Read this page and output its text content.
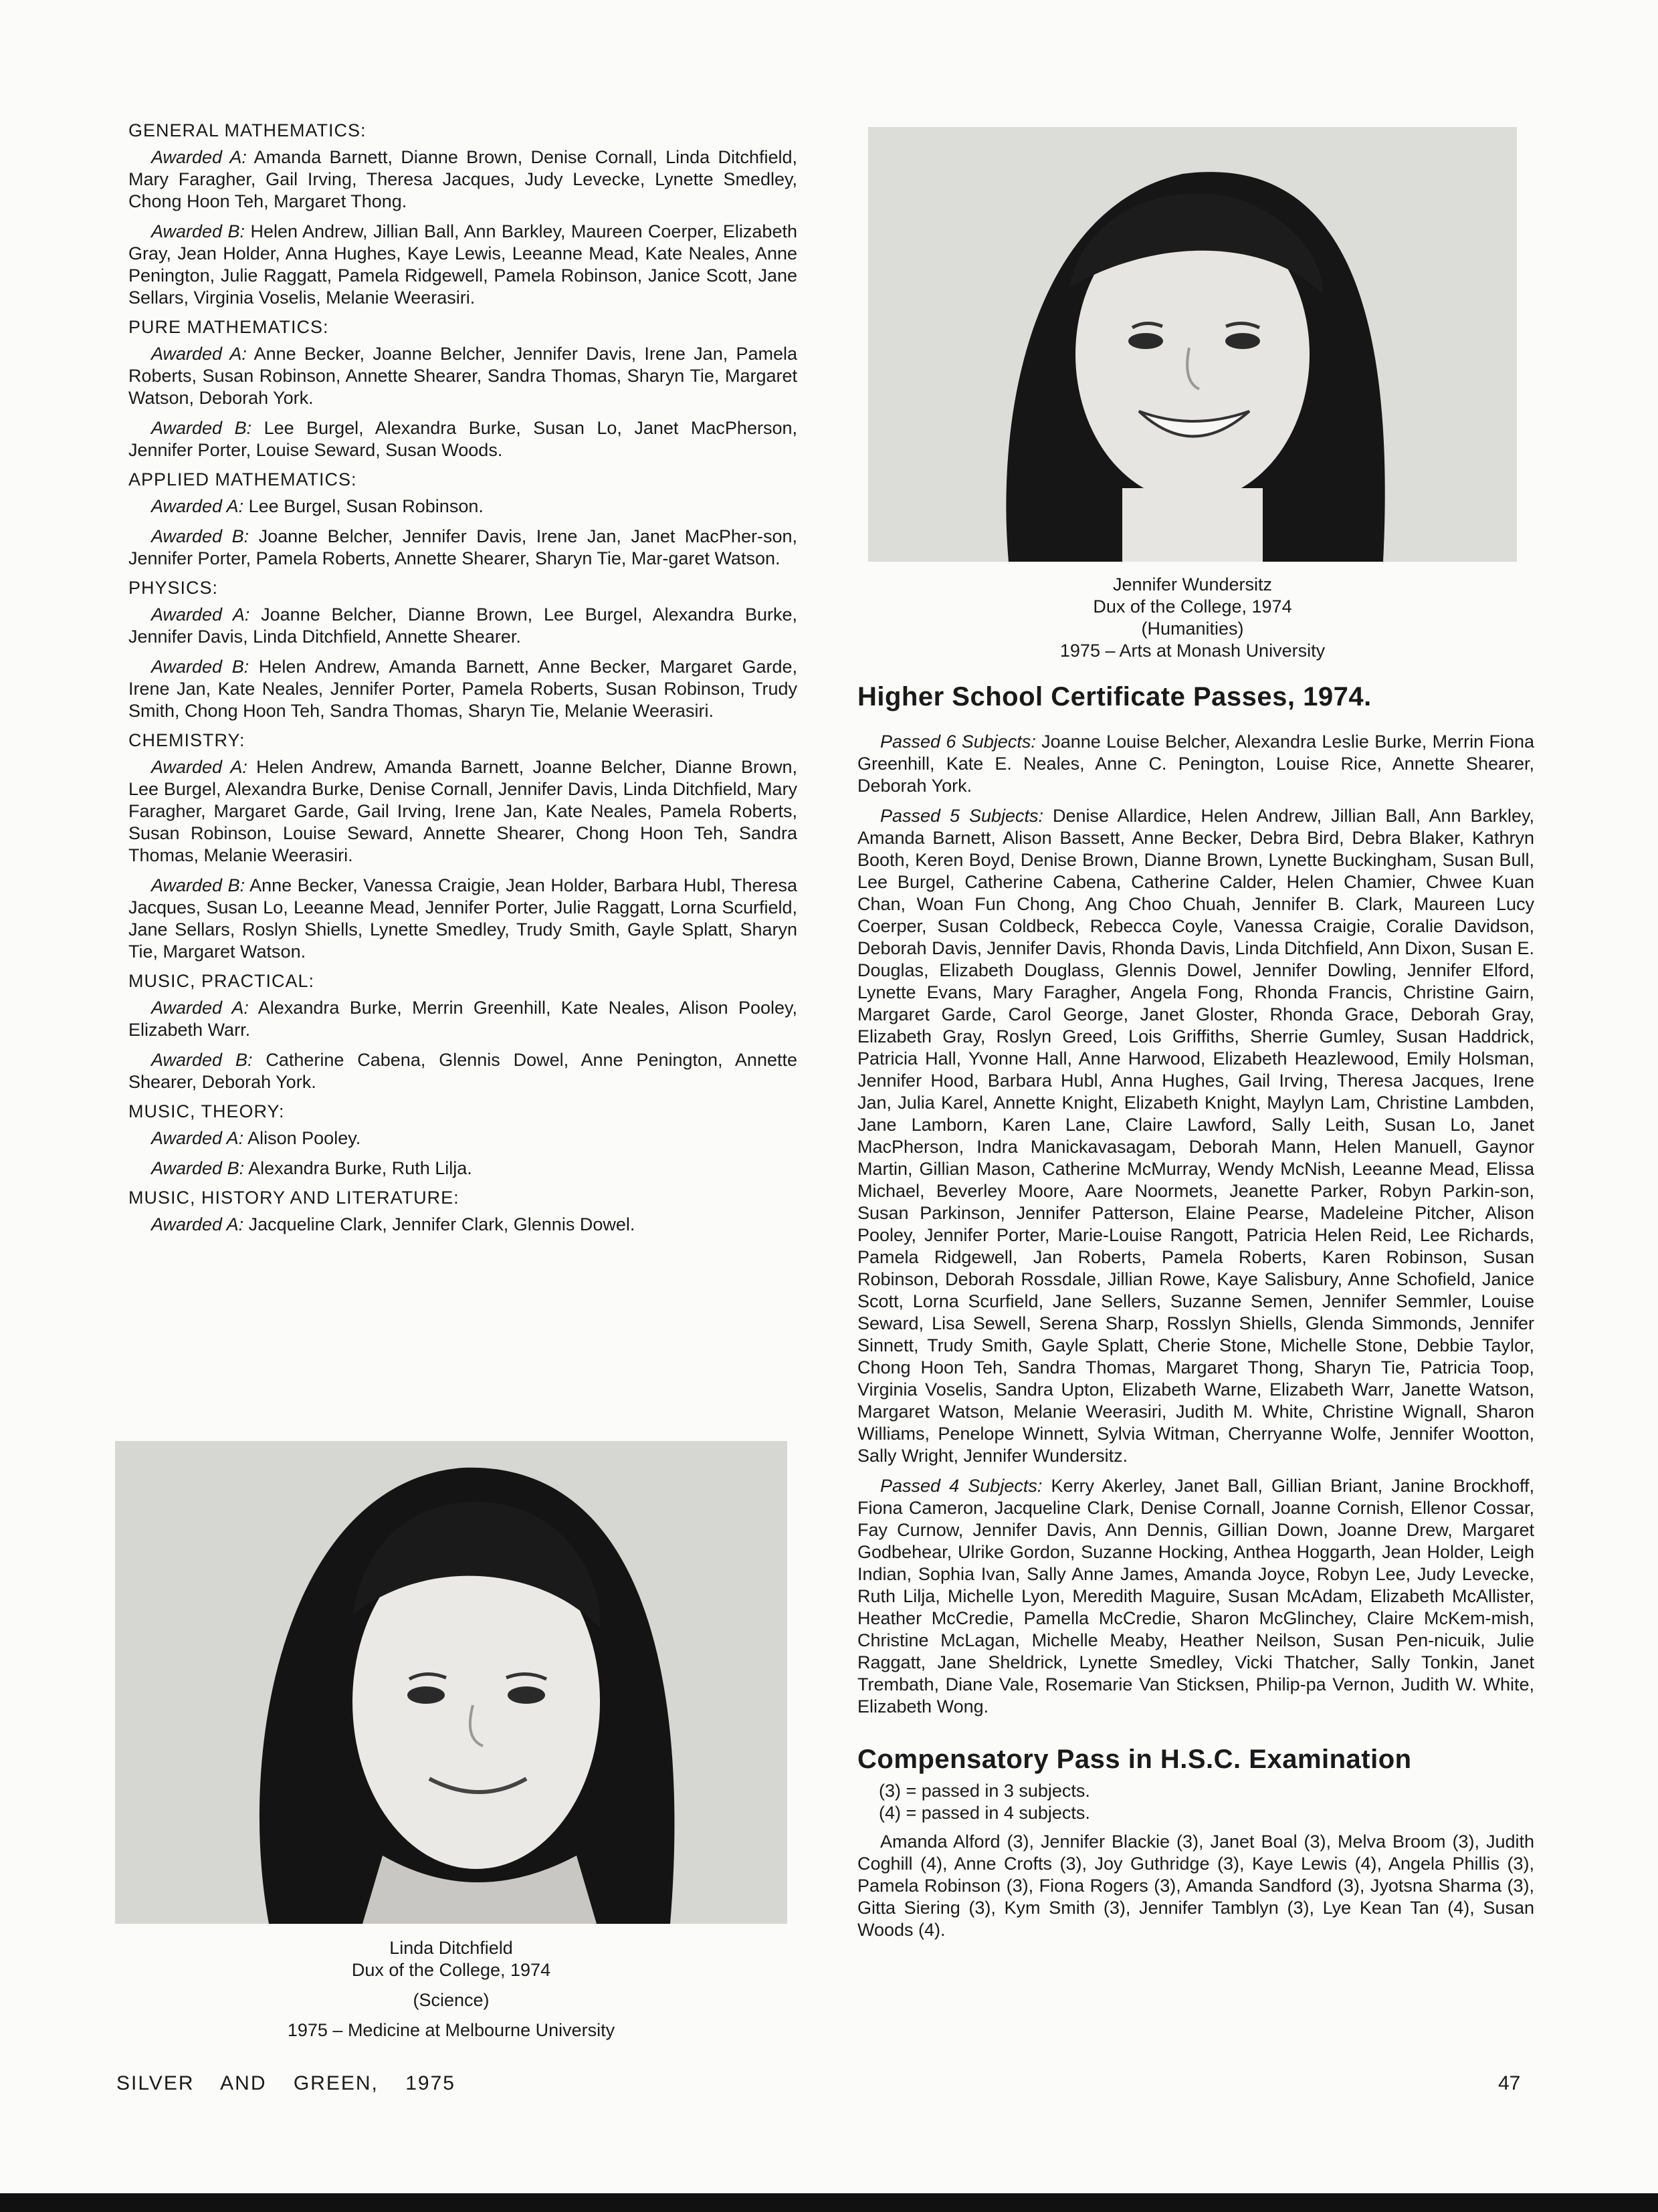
GENERAL MATHEMATICS:

Awarded A: Amanda Barnett, Dianne Brown, Denise Cornall, Linda Ditchfield, Mary Faragher, Gail Irving, Theresa Jacques, Judy Levecke, Lynette Smedley, Chong Hoon Teh, Margaret Thong.

Awarded B: Helen Andrew, Jillian Ball, Ann Barkley, Maureen Coerper, Elizabeth Gray, Jean Holder, Anna Hughes, Kaye Lewis, Leeanne Mead, Kate Neales, Anne Penington, Julie Raggatt, Pamela Ridgewell, Pamela Robinson, Janice Scott, Jane Sellars, Virginia Voselis, Melanie Weerasiri.

PURE MATHEMATICS:

Awarded A: Anne Becker, Joanne Belcher, Jennifer Davis, Irene Jan, Pamela Roberts, Susan Robinson, Annette Shearer, Sandra Thomas, Sharyn Tie, Margaret Watson, Deborah York.

Awarded B: Lee Burgel, Alexandra Burke, Susan Lo, Janet MacPherson, Jennifer Porter, Louise Seward, Susan Woods.

APPLIED MATHEMATICS:

Awarded A: Lee Burgel, Susan Robinson.

Awarded B: Joanne Belcher, Jennifer Davis, Irene Jan, Janet MacPher-son, Jennifer Porter, Pamela Roberts, Annette Shearer, Sharyn Tie, Mar-garet Watson.

PHYSICS:

Awarded A: Joanne Belcher, Dianne Brown, Lee Burgel, Alexandra Burke, Jennifer Davis, Linda Ditchfield, Annette Shearer.

Awarded B: Helen Andrew, Amanda Barnett, Anne Becker, Margaret Garde, Irene Jan, Kate Neales, Jennifer Porter, Pamela Roberts, Susan Robinson, Trudy Smith, Chong Hoon Teh, Sandra Thomas, Sharyn Tie, Melanie Weerasiri.

CHEMISTRY:

Awarded A: Helen Andrew, Amanda Barnett, Joanne Belcher, Dianne Brown, Lee Burgel, Alexandra Burke, Denise Cornall, Jennifer Davis, Linda Ditchfield, Mary Faragher, Margaret Garde, Gail Irving, Irene Jan, Kate Neales, Pamela Roberts, Susan Robinson, Louise Seward, Annette Shearer, Chong Hoon Teh, Sandra Thomas, Melanie Weerasiri.

Awarded B: Anne Becker, Vanessa Craigie, Jean Holder, Barbara Hubl, Theresa Jacques, Susan Lo, Leeanne Mead, Jennifer Porter, Julie Raggatt, Lorna Scurfield, Jane Sellars, Roslyn Shiells, Lynette Smedley, Trudy Smith, Gayle Splatt, Sharyn Tie, Margaret Watson.

MUSIC, PRACTICAL:

Awarded A: Alexandra Burke, Merrin Greenhill, Kate Neales, Alison Pooley, Elizabeth Warr.

Awarded B: Catherine Cabena, Glennis Dowel, Anne Penington, Annette Shearer, Deborah York.

MUSIC, THEORY:

Awarded A: Alison Pooley.

Awarded B: Alexandra Burke, Ruth Lilja.

MUSIC, HISTORY AND LITERATURE:

Awarded A: Jacqueline Clark, Jennifer Clark, Glennis Dowel.

Jennifer Wundersitz
Dux of the College, 1974
(Humanities)
1975 – Arts at Monash University
Linda Ditchfield
Dux of the College, 1974
(Science)
1975 – Medicine at Melbourne University
Higher School Certificate Passes, 1974.

Passed 6 Subjects: Joanne Louise Belcher, Alexandra Leslie Burke, Merrin Fiona Greenhill, Kate E. Neales, Anne C. Penington, Louise Rice, Annette Shearer, Deborah York.

Passed 5 Subjects: Denise Allardice, Helen Andrew, Jillian Ball, Ann Barkley, Amanda Barnett, Alison Bassett, Anne Becker, Debra Bird, Debra Blaker, Kathryn Booth, Keren Boyd, Denise Brown, Dianne Brown, Lynette Buckingham, Susan Bull, Lee Burgel, Catherine Cabena, Catherine Calder, Helen Chamier, Chwee Kuan Chan, Woan Fun Chong, Ang Choo Chuah, Jennifer B. Clark, Maureen Lucy Coerper, Susan Coldbeck, Rebecca Coyle, Vanessa Craigie, Coralie Davidson, Deborah Davis, Jennifer Davis, Rhonda Davis, Linda Ditchfield, Ann Dixon, Susan E. Douglas, Elizabeth Douglass, Glennis Dowel, Jennifer Dowling, Jennifer Elford, Lynette Evans, Mary Faragher, Angela Fong, Rhonda Francis, Christine Gairn, Margaret Garde, Carol George, Janet Gloster, Rhonda Grace, Deborah Gray, Elizabeth Gray, Roslyn Greed, Lois Griffiths, Sherrie Gumley, Susan Haddrick, Patricia Hall, Yvonne Hall, Anne Harwood, Elizabeth Heazlewood, Emily Holsman, Jennifer Hood, Barbara Hubl, Anna Hughes, Gail Irving, Theresa Jacques, Irene Jan, Julia Karel, Annette Knight, Elizabeth Knight, Maylyn Lam, Christine Lambden, Jane Lamborn, Karen Lane, Claire Lawford, Sally Leith, Susan Lo, Janet MacPherson, Indra Manickavasagam, Deborah Mann, Helen Manuell, Gaynor Martin, Gillian Mason, Catherine McMurray, Wendy McNish, Leeanne Mead, Elissa Michael, Beverley Moore, Aare Noormets, Jeanette Parker, Robyn Parkin-son, Susan Parkinson, Jennifer Patterson, Elaine Pearse, Madeleine Pitcher, Alison Pooley, Jennifer Porter, Marie-Louise Rangott, Patricia Helen Reid, Lee Richards, Pamela Ridgewell, Jan Roberts, Pamela Roberts, Karen Robinson, Susan Robinson, Deborah Rossdale, Jillian Rowe, Kaye Salisbury, Anne Schofield, Janice Scott, Lorna Scurfield, Jane Sellers, Suzanne Semen, Jennifer Semmler, Louise Seward, Lisa Sewell, Serena Sharp, Rosslyn Shiells, Glenda Simmonds, Jennifer Sinnett, Trudy Smith, Gayle Splatt, Cherie Stone, Michelle Stone, Debbie Taylor, Chong Hoon Teh, Sandra Thomas, Margaret Thong, Sharyn Tie, Patricia Toop, Virginia Voselis, Sandra Upton, Elizabeth Warne, Elizabeth Warr, Janette Watson, Margaret Watson, Melanie Weerasiri, Judith M. White, Christine Wignall, Sharon Williams, Penelope Winnett, Sylvia Witman, Cherryanne Wolfe, Jennifer Wootton, Sally Wright, Jennifer Wundersitz.

Passed 4 Subjects: Kerry Akerley, Janet Ball, Gillian Briant, Janine Brockhoff, Fiona Cameron, Jacqueline Clark, Denise Cornall, Joanne Cornish, Ellenor Cossar, Fay Curnow, Jennifer Davis, Ann Dennis, Gillian Down, Joanne Drew, Margaret Godbehear, Ulrike Gordon, Suzanne Hocking, Anthea Hoggarth, Jean Holder, Leigh Indian, Sophia Ivan, Sally Anne James, Amanda Joyce, Robyn Lee, Judy Levecke, Ruth Lilja, Michelle Lyon, Meredith Maguire, Susan McAdam, Elizabeth McAllister, Heather McCredie, Pamella McCredie, Sharon McGlinchey, Claire McKem-mish, Christine McLagan, Michelle Meaby, Heather Neilson, Susan Pen-nicuik, Julie Raggatt, Jane Sheldrick, Lynette Smedley, Vicki Thatcher, Sally Tonkin, Janet Trembath, Diane Vale, Rosemarie Van Sticksen, Philip-pa Vernon, Judith W. White, Elizabeth Wong.

Compensatory Pass in H.S.C. Examination
(3) = passed in 3 subjects.
(4) = passed in 4 subjects.

Amanda Alford (3), Jennifer Blackie (3), Janet Boal (3), Melva Broom (3), Judith Coghill (4), Anne Crofts (3), Joy Guthridge (3), Kaye Lewis (4), Angela Phillis (3), Pamela Robinson (3), Fiona Rogers (3), Amanda Sandford (3), Jyotsna Sharma (3), Gitta Siering (3), Kym Smith (3), Jennifer Tamblyn (3), Lye Kean Tan (4), Susan Woods (4).

SILVER AND GREEN, 1975	47
